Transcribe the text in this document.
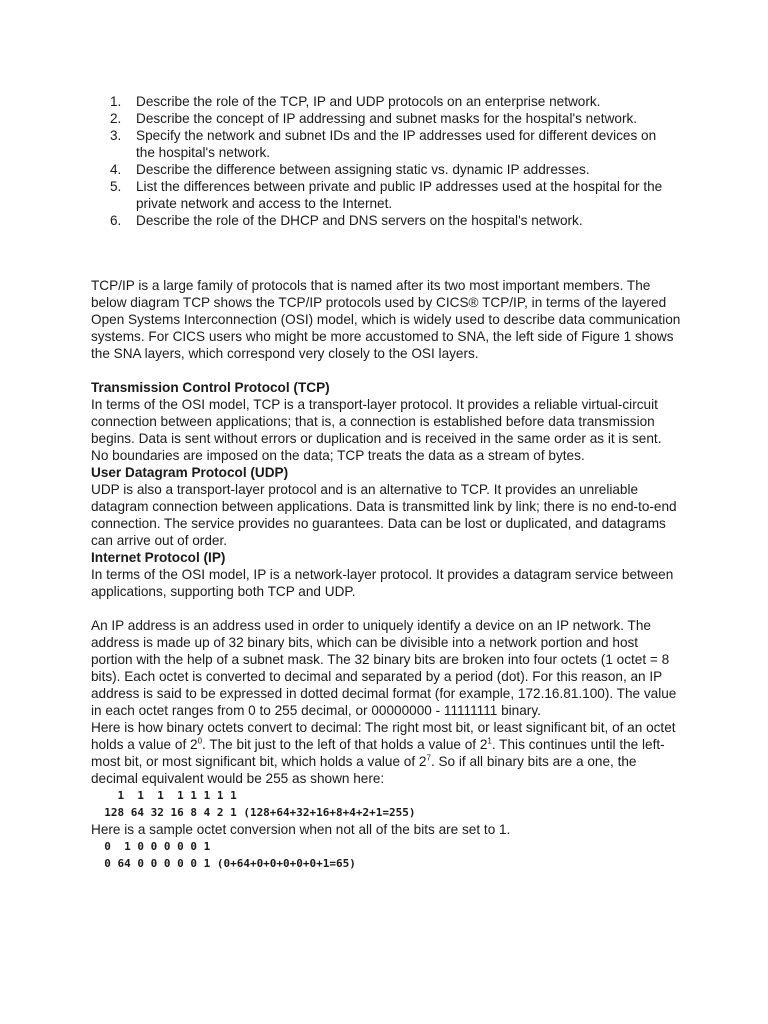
1. Describe the role of the TCP, IP and UDP protocols on an enterprise network.
2. Describe the concept of IP addressing and subnet masks for the hospital's network.
3. Specify the network and subnet IDs and the IP addresses used for different devices on the hospital's network.
4. Describe the difference between assigning static vs. dynamic IP addresses.
5. List the differences between private and public IP addresses used at the hospital for the private network and access to the Internet.
6. Describe the role of the DHCP and DNS servers on the hospital's network.

TCP/IP is a large family of protocols that is named after its two most important members. The below diagram TCP shows the TCP/IP protocols used by CICS® TCP/IP, in terms of the layered Open Systems Interconnection (OSI) model, which is widely used to describe data communication systems. For CICS users who might be more accustomed to SNA, the left side of Figure 1 shows the SNA layers, which correspond very closely to the OSI layers.

Transmission Control Protocol (TCP)

In terms of the OSI model, TCP is a transport-layer protocol. It provides a reliable virtual-circuit connection between applications; that is, a connection is established before data transmission begins. Data is sent without errors or duplication and is received in the same order as it is sent. No boundaries are imposed on the data; TCP treats the data as a stream of bytes.

User Datagram Protocol (UDP)

UDP is also a transport-layer protocol and is an alternative to TCP. It provides an unreliable datagram connection between applications. Data is transmitted link by link; there is no end-to-end connection. The service provides no guarantees. Data can be lost or duplicated, and datagrams can arrive out of order.

Internet Protocol (IP)

In terms of the OSI model, IP is a network-layer protocol. It provides a datagram service between applications, supporting both TCP and UDP.

An IP address is an address used in order to uniquely identify a device on an IP network. The address is made up of 32 binary bits, which can be divisible into a network portion and host portion with the help of a subnet mask. The 32 binary bits are broken into four octets (1 octet = 8 bits). Each octet is converted to decimal and separated by a period (dot). For this reason, an IP address is said to be expressed in dotted decimal format (for example, 172.16.81.100). The value in each octet ranges from 0 to 255 decimal, or 00000000 - 11111111 binary.

Here is how binary octets convert to decimal: The right most bit, or least significant bit, of an octet holds a value of $2^0$. The bit just to the left of that holds a value of $2^1$. This continues until the left-most bit, or most significant bit, which holds a value of $2^7$. So if all binary bits are a one, the decimal equivalent would be 255 as shown here:

1  1  1  1 1 1 1 1
128 64 32 16 8 4 2 1 (128+64+32+16+8+4+2+1=255)

Here is a sample octet conversion when not all of the bits are set to 1.

0  1 0 0 0 0 0 1
0 64 0 0 0 0 0 1 (0+64+0+0+0+0+0+1=65)
